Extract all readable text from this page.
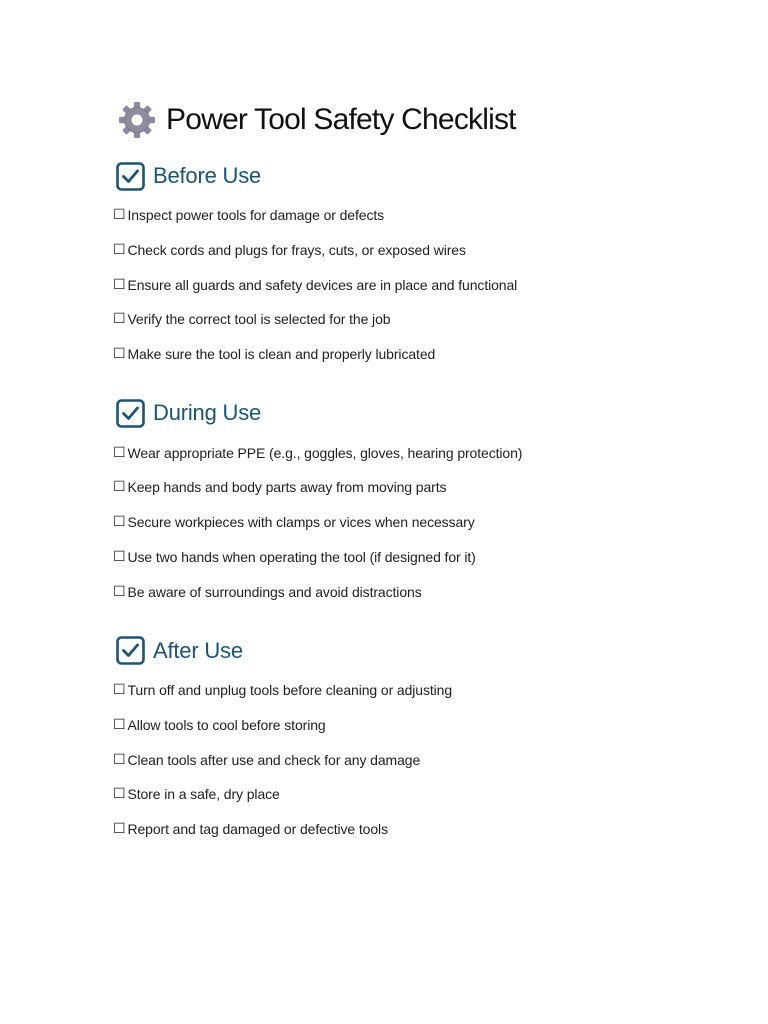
Power Tool Safety Checklist
Before Use
☐ Inspect power tools for damage or defects
☐ Check cords and plugs for frays, cuts, or exposed wires
☐ Ensure all guards and safety devices are in place and functional
☐ Verify the correct tool is selected for the job
☐ Make sure the tool is clean and properly lubricated
During Use
☐ Wear appropriate PPE (e.g., goggles, gloves, hearing protection)
☐ Keep hands and body parts away from moving parts
☐ Secure workpieces with clamps or vices when necessary
☐ Use two hands when operating the tool (if designed for it)
☐ Be aware of surroundings and avoid distractions
After Use
☐ Turn off and unplug tools before cleaning or adjusting
☐ Allow tools to cool before storing
☐ Clean tools after use and check for any damage
☐ Store in a safe, dry place
☐ Report and tag damaged or defective tools
